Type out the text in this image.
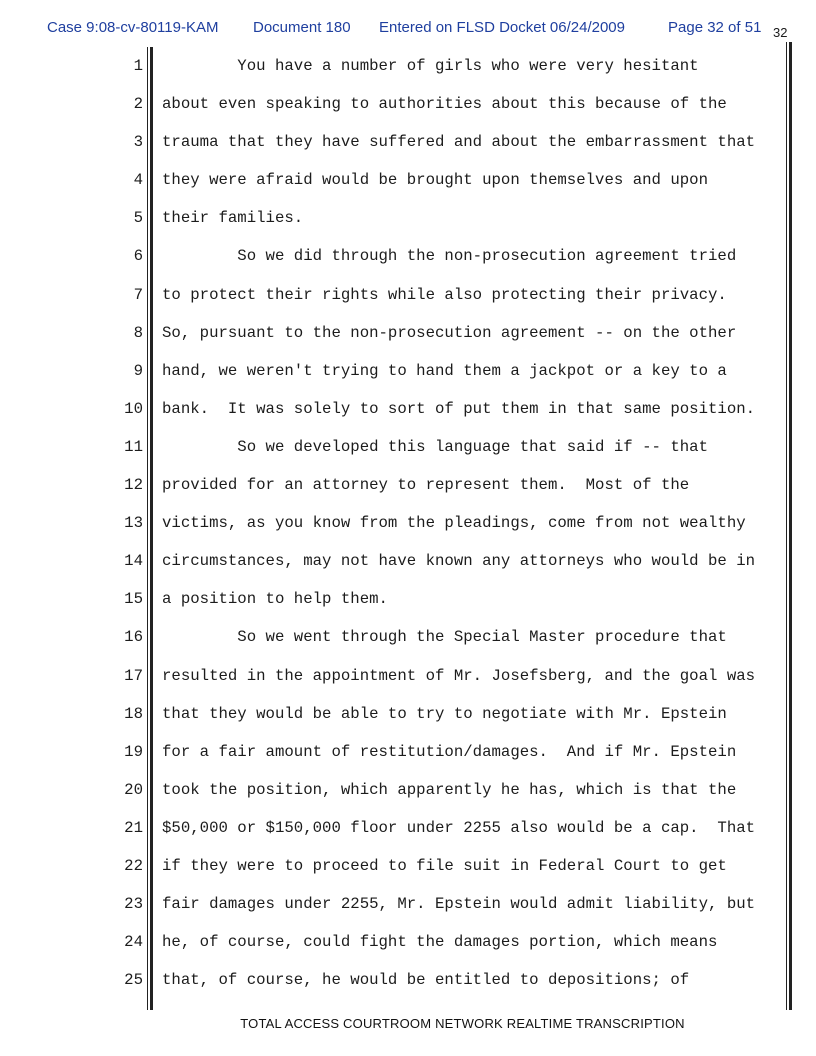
Case 9:08-cv-80119-KAM Document 180 Entered on FLSD Docket 06/24/2009	Page 32 of 51 32
1 You have a number of girls who were very hesitant
2 about even speaking to authorities about this because of the
3 trauma that they have suffered and about the embarrassment that
4 they were afraid would be brought upon themselves and upon
5 their families.
6 So we did through the non-prosecution agreement tried
7 to protect their rights while also protecting their privacy.
8 So, pursuant to the non-prosecution agreement -- on the other
9 hand, we weren't trying to hand them a jackpot or a key to a
10 bank.  It was solely to sort of put them in that same position.
11 So we developed this language that said if -- that
12 provided for an attorney to represent them.  Most of the
13 victims, as you know from the pleadings, come from not wealthy
14 circumstances, may not have known any attorneys who would be in
15 a position to help them.
16 So we went through the Special Master procedure that
17 resulted in the appointment of Mr. Josefsberg, and the goal was
18 that they would be able to try to negotiate with Mr. Epstein
19 for a fair amount of restitution/damages.  And if Mr. Epstein
20 took the position, which apparently he has, which is that the
21 $50,000 or $150,000 floor under 2255 also would be a cap.  That
22 if they were to proceed to file suit in Federal Court to get
23 fair damages under 2255, Mr. Epstein would admit liability, but
24 he, of course, could fight the damages portion, which means
25 that, of course, he would be entitled to depositions; of
TOTAL ACCESS COURTROOM NETWORK REALTIME TRANSCRIPTION
